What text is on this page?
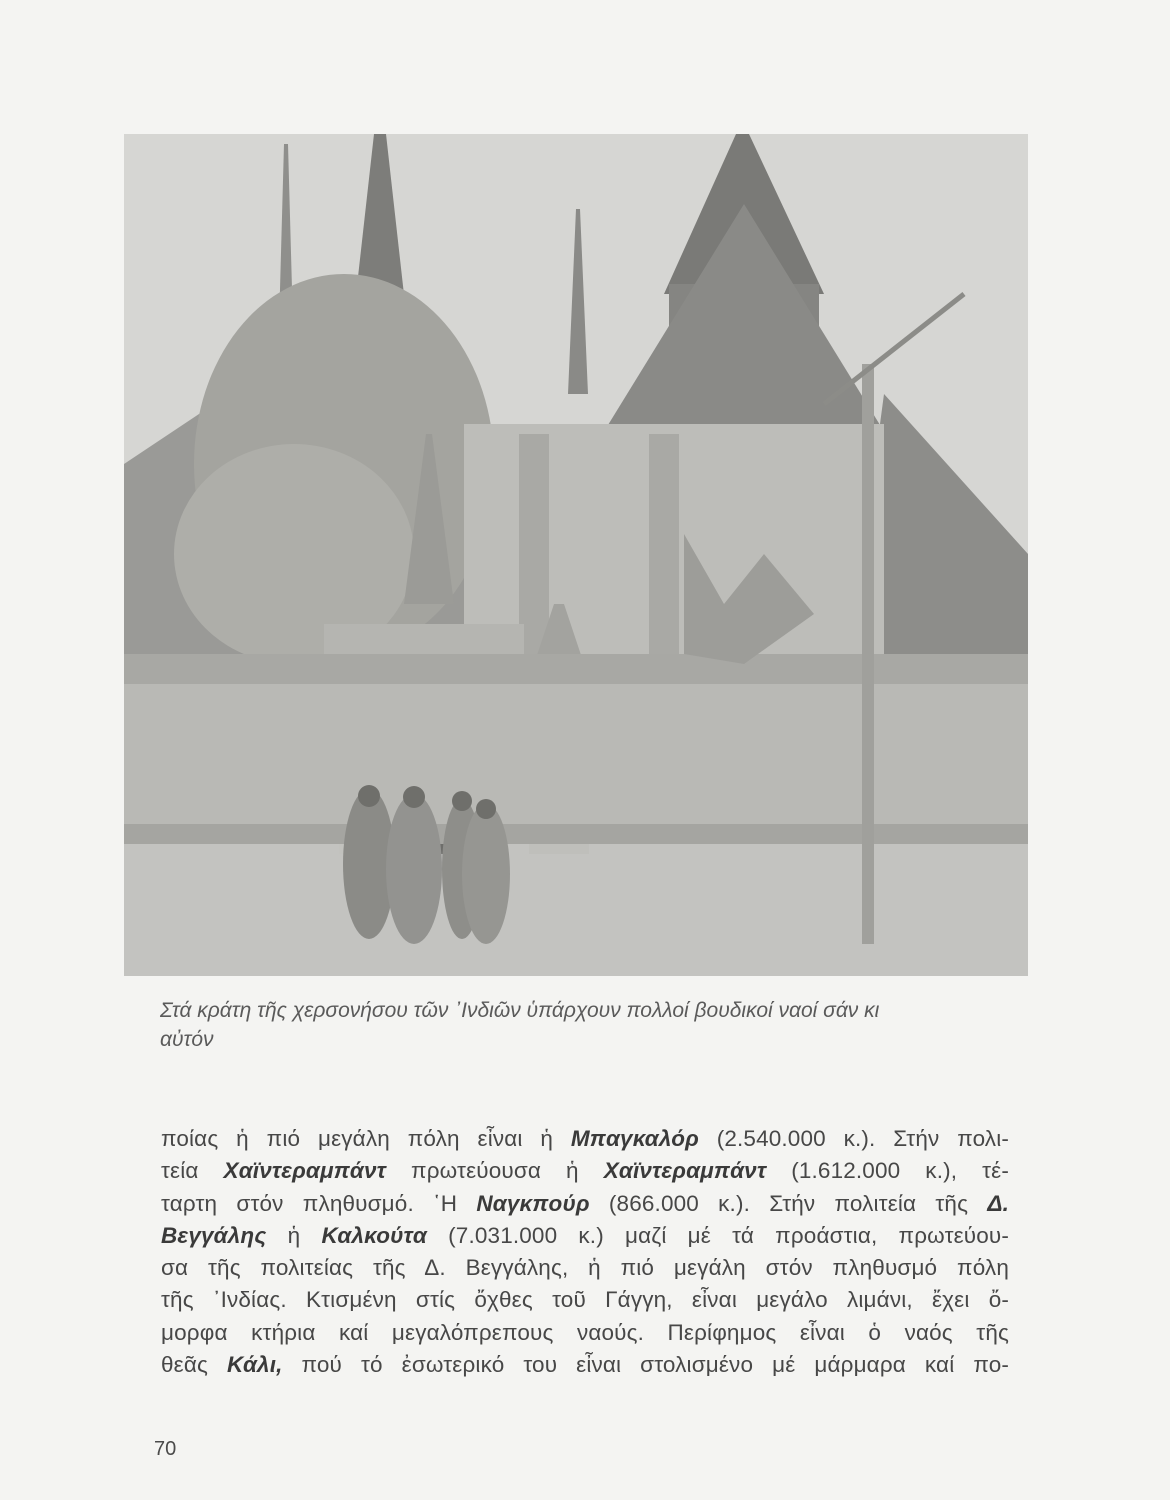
Στά κράτη τῆς χερσονήσου τῶν ᾽Ινδιῶν ὑπάρχουν πολλοί βουδικοί ναοί σάν κι
αὐτόν
ποίας ἡ πιό μεγάλη πόλη εἶναι ἡ Μπαγκαλόρ (2.540.000 κ.). Στήν πολι-
τεία Χαϊντεραμπάντ πρωτεύουσα ἡ Χαϊντεραμπάντ (1.612.000 κ.), τέ-
ταρτη στόν πληθυσμό. ῾Η Ναγκπούρ (866.000 κ.). Στήν πολιτεία τῆς Δ.
Βεγγάλης ἡ Καλκούτα (7.031.000 κ.) μαζί μέ τά προάστια, πρωτεύου-
σα τῆς πολιτείας τῆς Δ. Βεγγάλης, ἡ πιό μεγάλη στόν πληθυσμό πόλη
τῆς ᾽Ινδίας. Κτισμένη στίς ὄχθες τοῦ Γάγγη, εἶναι μεγάλο λιμάνι, ἔχει ὄ-
μορφα κτήρια καί μεγαλόπρεπους ναούς. Περίφημος εἶναι ὁ ναός τῆς
θεᾶς Κάλι, πού τό ἐσωτερικό του εἶναι στολισμένο μέ μάρμαρα καί πο-
70
